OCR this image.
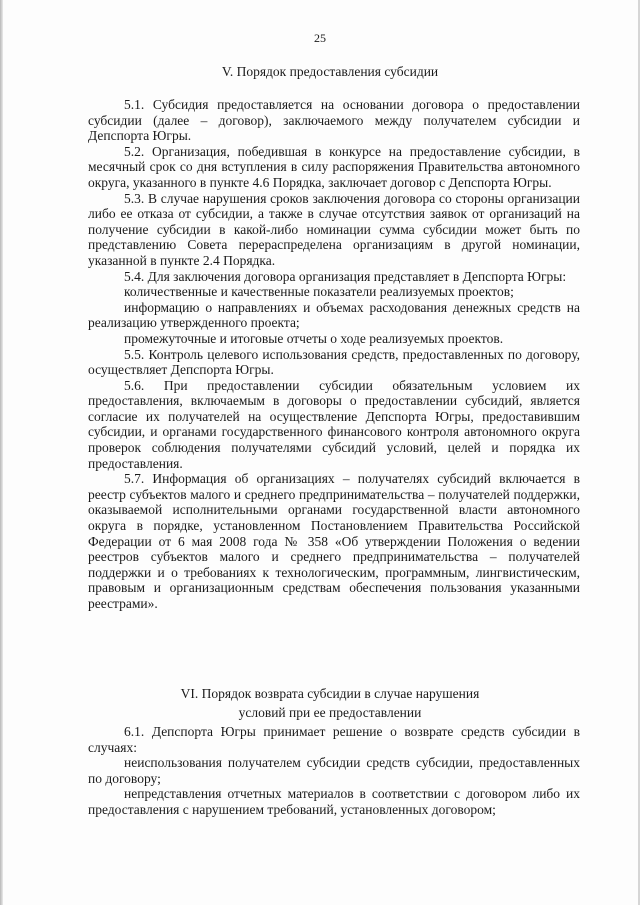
25
V. Порядок предоставления субсидии

5.1. Субсидия предоставляется на основании договора о предоставлении субсидии (далее – договор), заключаемого между получателем субсидии и Депспорта Югры.

5.2. Организация, победившая в конкурсе на предоставление субсидии, в месячный срок со дня вступления в силу распоряжения Правительства автономного округа, указанного в пункте 4.6 Порядка, заключает договор с Депспорта Югры.

5.3. В случае нарушения сроков заключения договора со стороны организации либо ее отказа от субсидии, а также в случае отсутствия заявок от организаций на получение субсидии в какой-либо номинации сумма субсидии может быть по представлению Совета перераспределена организациям в другой номинации, указанной в пункте 2.4 Порядка.

5.4. Для заключения договора организация представляет в Депспорта Югры:

количественные и качественные показатели реализуемых проектов;

информацию о направлениях и объемах расходования денежных средств на реализацию утвержденного проекта;

промежуточные и итоговые отчеты о ходе реализуемых проектов.

5.5. Контроль целевого использования средств, предоставленных по договору, осуществляет Депспорта Югры.

5.6. При предоставлении субсидии обязательным условием их предоставления, включаемым в договоры о предоставлении субсидий, является согласие их получателей на осуществление Депспорта Югры, предоставившим субсидии, и органами государственного финансового контроля автономного округа проверок соблюдения получателями субсидий условий, целей и порядка их предоставления.

5.7. Информация об организациях – получателях субсидий включается в реестр субъектов малого и среднего предпринимательства – получателей поддержки, оказываемой исполнительными органами государственной власти автономного округа в порядке, установленном Постановлением Правительства Российской Федерации от 6 мая 2008 года № 358 «Об утверждении Положения о ведении реестров субъектов малого и среднего предпринимательства – получателей поддержки и о требованиях к технологическим, программным, лингвистическим, правовым и организационным средствам обеспечения пользования указанными реестрами».

VI. Порядок возврата субсидии в случае нарушения
условий при ее предоставлении

6.1. Депспорта Югры принимает решение о возврате средств субсидии в случаях:

неиспользования получателем субсидии средств субсидии, предоставленных по договору;

непредставления отчетных материалов в соответствии с договором либо их предоставления с нарушением требований, установленных договором;
